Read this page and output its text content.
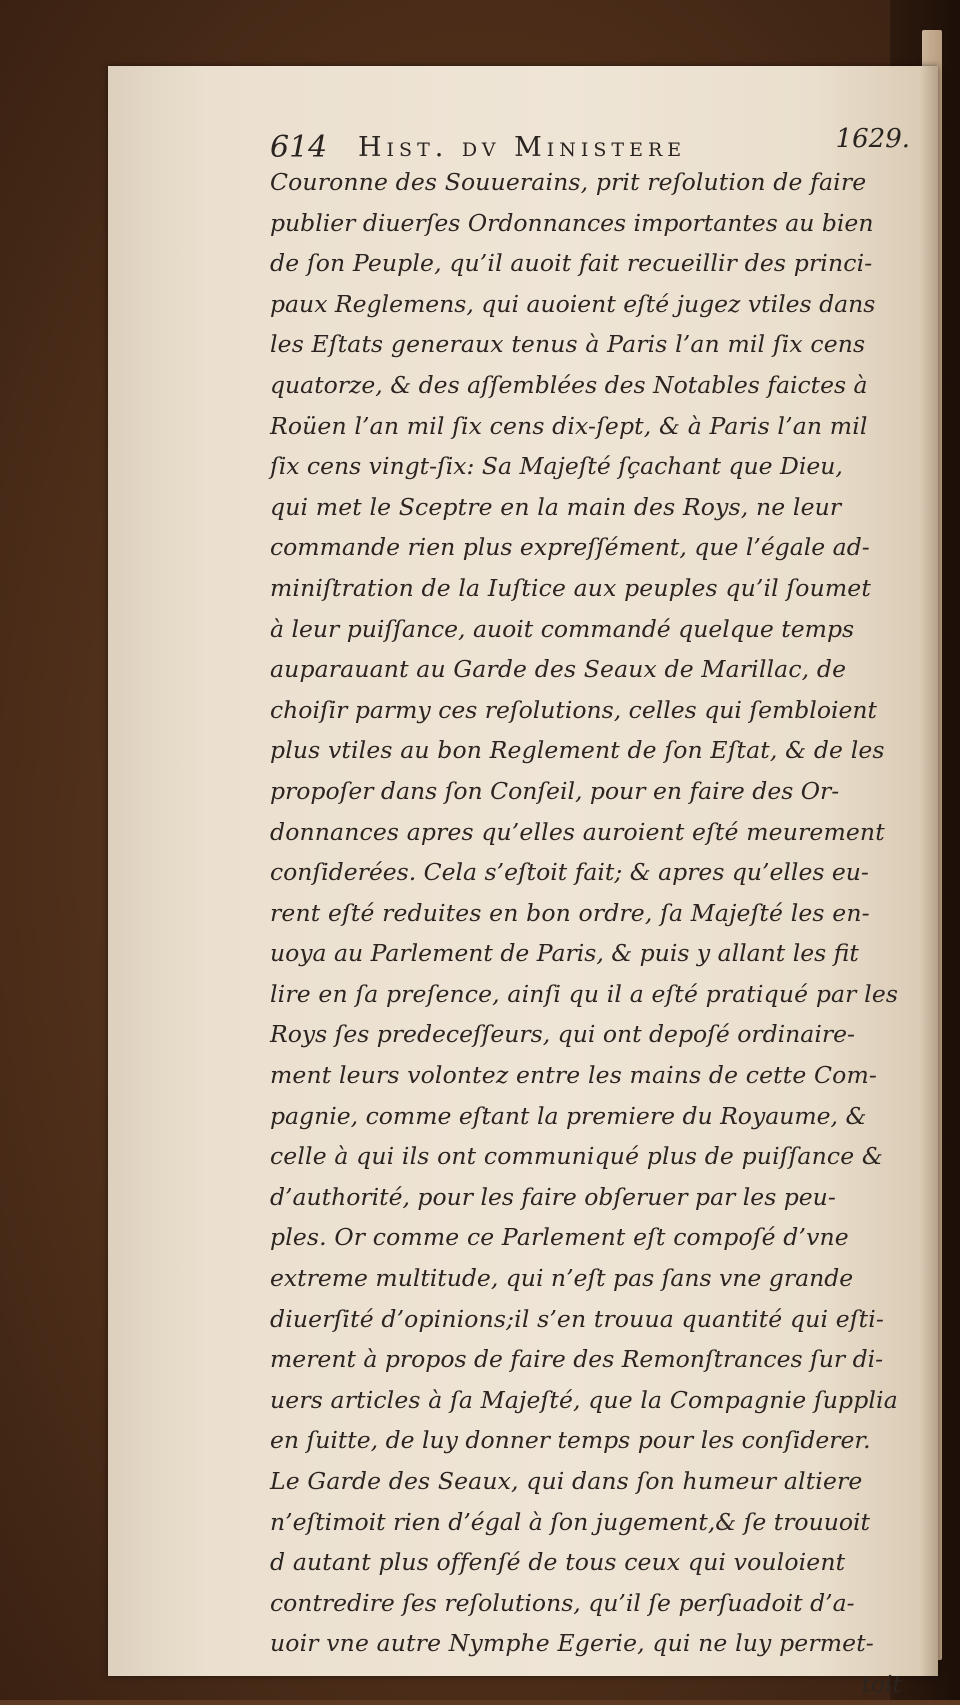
614 Hist. dv Ministere	1629.
Couronne des Souuerains, prit reſolution de faire
publier diuerſes Ordonnances importantes au bien
de ſon Peuple, qu’il auoit fait recueillir des princi-
paux Reglemens, qui auoient eſté jugez vtiles dans
les Eſtats generaux tenus à Paris l’an mil ſix cens
quatorze, & des aſſemblées des Notables faictes à
Roüen l’an mil ſix cens dix-ſept, & à Paris l’an mil
ſix cens vingt-ſix: Sa Majeſté ſçachant que Dieu,
qui met le Sceptre en la main des Roys, ne leur
commande rien plus expreſſément, que l’égale ad-
miniſtration de la Iuſtice aux peuples qu’il ſoumet
à leur puiſſance, auoit commandé quelque temps
auparauant au Garde des Seaux de Marillac, de
choiſir parmy ces reſolutions, celles qui ſembloient
plus vtiles au bon Reglement de ſon Eſtat, & de les
propoſer dans ſon Conſeil, pour en faire des Or-
donnances apres qu’elles auroient eſté meurement
conſiderées. Cela s’eſtoit fait; & apres qu’elles eu-
rent eſté reduites en bon ordre, ſa Majeſté les en-
uoya au Parlement de Paris, & puis y allant les fit
lire en ſa preſence, ainſi qu il a eſté pratiqué par les
Roys ſes predeceſſeurs, qui ont depoſé ordinaire-
ment leurs volontez entre les mains de cette Com-
pagnie, comme eſtant la premiere du Royaume, &
celle à qui ils ont communiqué plus de puiſſance &
d’authorité, pour les faire obſeruer par les peu-
ples. Or comme ce Parlement eſt compoſé d’vne
extreme multitude, qui n’eſt pas ſans vne grande
diuerſité d’opinions;il s’en trouua quantité qui eſti-
merent à propos de faire des Remonſtrances ſur di-
uers articles à ſa Majeſté, que la Compagnie ſupplia
en ſuitte, de luy donner temps pour les conſiderer.
Le Garde des Seaux, qui dans ſon humeur altiere
n’eſtimoit rien d’égal à ſon jugement,& ſe trouuoit
d autant plus offenſé de tous ceux qui vouloient
contredire ſes reſolutions, qu’il ſe perſuadoit d’a-
uoir vne autre Nymphe Egerie, qui ne luy permet-
toit
